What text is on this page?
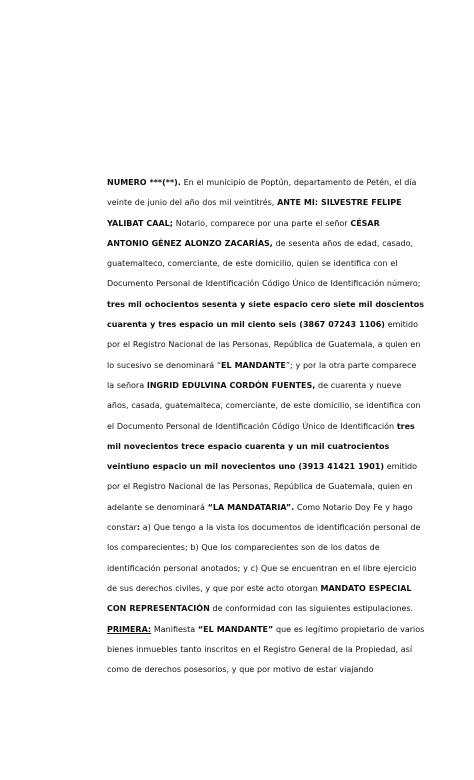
NUMERO ***(**). En el municipio de Poptún, departamento de Petén, el día
veinte de junio del año dos mil veintitrés, ANTE MI: SILVESTRE FELIPE
YALIBAT CAAL; Notario, comparece por una parte el señor CÉSAR
ANTONIO GÉNEZ ALONZO ZACARÍAS, de sesenta años de edad, casado,
guatemalteco, comerciante, de este domicilio, quien se identifica con el
Documento Personal de Identificación Código Único de Identificación número;
tres mil ochocientos sesenta y siete espacio cero siete mil doscientos
cuarenta y tres espacio un mil ciento seis (3867 07243 1106) emitido
por el Registro Nacional de las Personas, República de Guatemala, a quien en
lo sucesivo se denominará “EL MANDANTE”; y por la otra parte comparece
la señora INGRID EDULVINA CORDÓN FUENTES, de cuarenta y nueve
años, casada, guatemalteca, comerciante, de este domicilio, se identifica con
el Documento Personal de Identificación Código Único de Identificación tres
mil novecientos trece espacio cuarenta y un mil cuatrocientos
veintiuno espacio un mil novecientos uno (3913 41421 1901) emitido
por el Registro Nacional de las Personas, República de Guatemala, quien en
adelante se denominará “LA MANDATARIA”. Como Notario Doy Fe y hago
constar: a) Que tengo a la vista los documentos de identificación personal de
los comparecientes; b) Que los comparecientes son de los datos de
identificación personal anotados; y c) Que se encuentran en el libre ejercicio
de sus derechos civiles, y que por este acto otorgan MANDATO ESPECIAL
CON REPRESENTACIÓN de conformidad con las siguientes estipulaciones.
PRIMERA: Manifiesta “EL MANDANTE” que es legítimo propietario de varios
bienes inmuebles tanto inscritos en el Registro General de la Propiedad, así
como de derechos posesorios, y que por motivo de estar viajando
